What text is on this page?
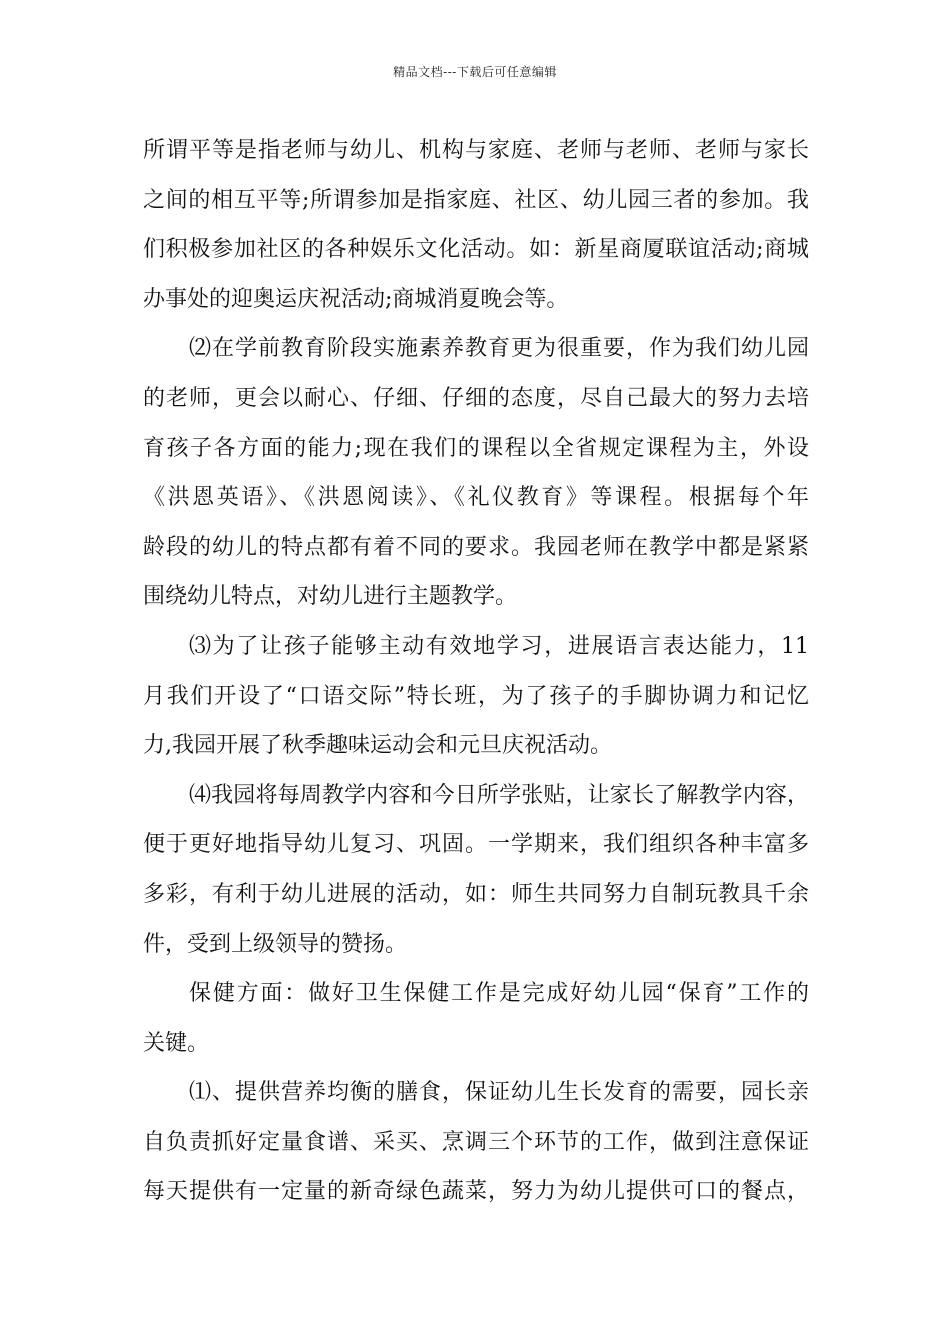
精品文档---下载后可任意编辑
所谓平等是指老师与幼儿、机构与家庭、老师与老师、老师与家长
之间的相互平等;所谓参加是指家庭、社区、幼儿园三者的参加。我
们积极参加社区的各种娱乐文化活动。如：新星商厦联谊活动;商城
办事处的迎奥运庆祝活动;商城消夏晚会等。
⑵在学前教育阶段实施素养教育更为很重要，作为我们幼儿园
的老师，更会以耐心、仔细、仔细的态度，尽自己最大的努力去培
育孩子各方面的能力;现在我们的课程以全省规定课程为主，外设
《洪恩英语》、《洪恩阅读》、《礼仪教育》等课程。根据每个年
龄段的幼儿的特点都有着不同的要求。我园老师在教学中都是紧紧
围绕幼儿特点，对幼儿进行主题教学。
⑶为了让孩子能够主动有效地学习，进展语言表达能力，11
月我们开设了“口语交际”特长班，为了孩子的手脚协调力和记忆
力,我园开展了秋季趣味运动会和元旦庆祝活动。
⑷我园将每周教学内容和今日所学张贴，让家长了解教学内容，
便于更好地指导幼儿复习、巩固。一学期来，我们组织各种丰富多
多彩，有利于幼儿进展的活动，如：师生共同努力自制玩教具千余
件，受到上级领导的赞扬。
保健方面：做好卫生保健工作是完成好幼儿园“保育”工作的
关键。
⑴、提供营养均衡的膳食，保证幼儿生长发育的需要，园长亲
自负责抓好定量食谱、采买、烹调三个环节的工作，做到注意保证
每天提供有一定量的新奇绿色蔬菜，努力为幼儿提供可口的餐点，
